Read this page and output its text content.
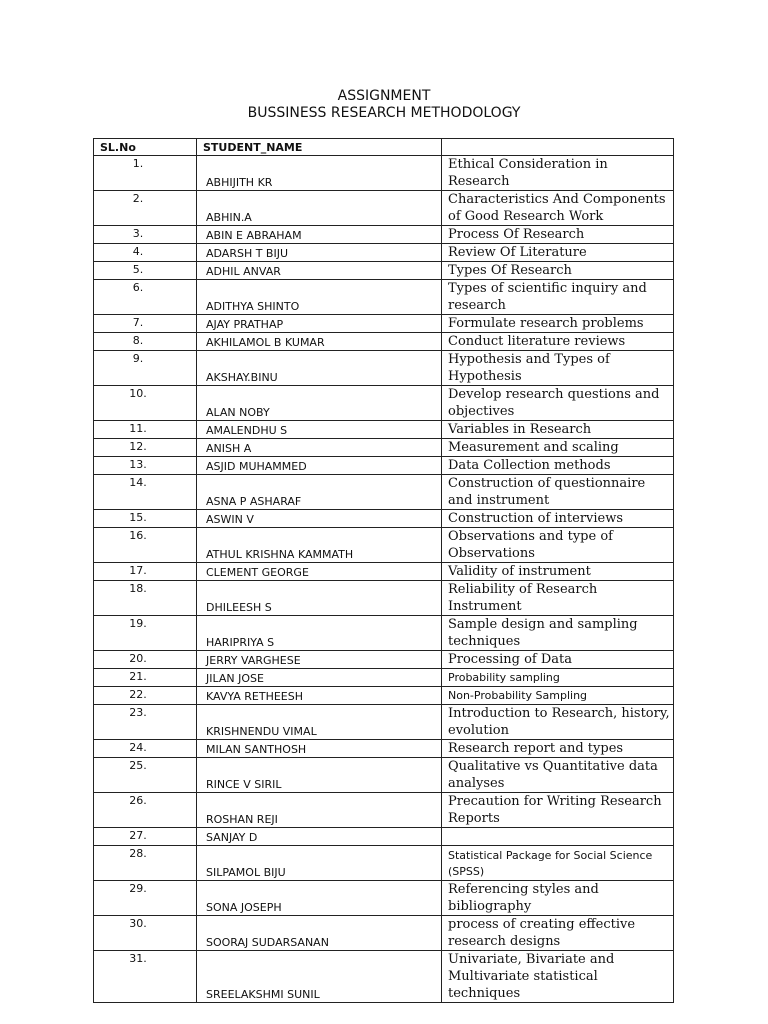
ASSIGNMENT
BUSSINESS RESEARCH METHODOLOGY
SL.No	STUDENT_NAME	
1.	ABHIJITH KR	Ethical Consideration in Research
2.	ABHIN.A	Characteristics And Components of Good Research Work
3.	ABIN E ABRAHAM	Process Of Research
4.	ADARSH T BIJU	Review Of Literature
5.	ADHIL ANVAR	Types Of Research
6.	ADITHYA SHINTO	Types of scientific inquiry and research
7.	AJAY PRATHAP	Formulate research problems
8.	AKHILAMOL B KUMAR	Conduct literature reviews
9.	AKSHAY.BINU	Hypothesis and Types of Hypothesis
10.	ALAN NOBY	Develop research questions and objectives
11.	AMALENDHU S	Variables in Research
12.	ANISH A	Measurement and scaling
13.	ASJID MUHAMMED	Data Collection methods
14.	ASNA P ASHARAF	Construction of questionnaire and instrument
15.	ASWIN V	Construction of interviews
16.	ATHUL KRISHNA KAMMATH	Observations and type of Observations
17.	CLEMENT GEORGE	Validity of instrument
18.	DHILEESH S	Reliability of Research Instrument
19.	HARIPRIYA S	Sample design and sampling techniques
20.	JERRY VARGHESE	Processing of Data
21.	JILAN JOSE	Probability sampling
22.	KAVYA RETHEESH	Non-Probability Sampling
23.	KRISHNENDU VIMAL	Introduction to Research, history, evolution
24.	MILAN SANTHOSH	Research report and types
25.	RINCE V SIRIL	Qualitative vs Quantitative data analyses
26.	ROSHAN REJI	Precaution for Writing Research Reports
27.	SANJAY D	
28.	SILPAMOL BIJU	Statistical Package for Social Science (SPSS)
29.	SONA JOSEPH	Referencing styles and bibliography
30.	SOORAJ SUDARSANAN	process of creating effective research designs
31.	SREELAKSHMI SUNIL	Univariate, Bivariate and Multivariate statistical techniques
